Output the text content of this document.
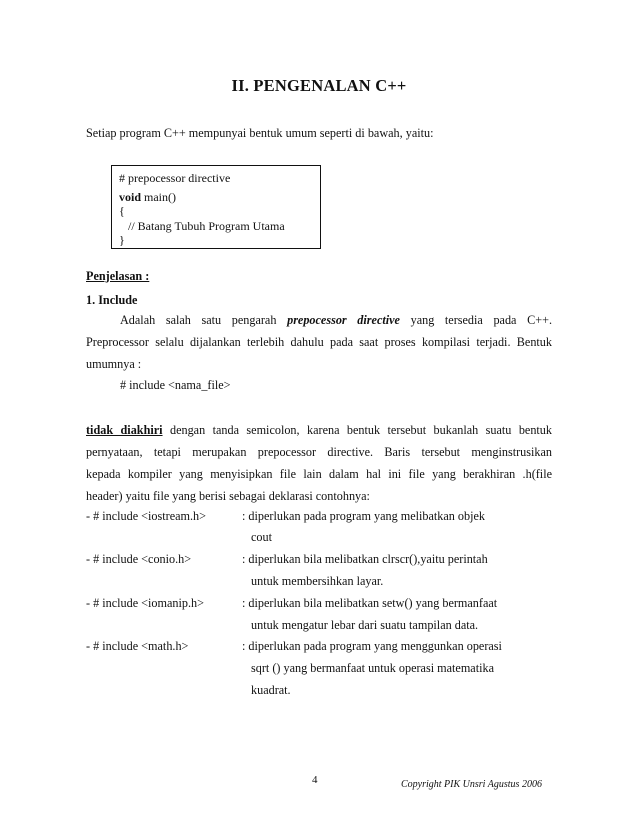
II. PENGENALAN C++
Setiap program C++ mempunyai bentuk umum seperti di bawah, yaitu:
# prepocessor directive
void main()
{
// Batang Tubuh Program Utama
}
Penjelasan :
1. Include
Adalah salah satu pengarah prepocessor directive yang tersedia pada C++.
Preprocessor selalu dijalankan terlebih dahulu pada saat proses kompilasi terjadi. Bentuk
umumnya :
# include <nama_file>
tidak diakhiri dengan tanda semicolon, karena bentuk tersebut bukanlah suatu bentuk
pernyataan, tetapi merupakan prepocessor directive. Baris tersebut menginstrusikan
kepada kompiler yang menyisipkan file lain dalam hal ini file yang berakhiran .h(file
header) yaitu file yang berisi sebagai deklarasi contohnya:
- # include <iostream.h>	: diperlukan pada program yang melibatkan objek
cout
- # include <conio.h>	: diperlukan bila melibatkan clrscr(),yaitu perintah
untuk membersihkan layar.
- # include <iomanip.h>	: diperlukan bila melibatkan setw() yang bermanfaat
untuk mengatur lebar dari suatu tampilan data.
- # include <math.h>	: diperlukan pada program yang menggunkan operasi
sqrt () yang bermanfaat untuk operasi matematika
kuadrat.
4	Copyright PIK Unsri Agustus 2006
